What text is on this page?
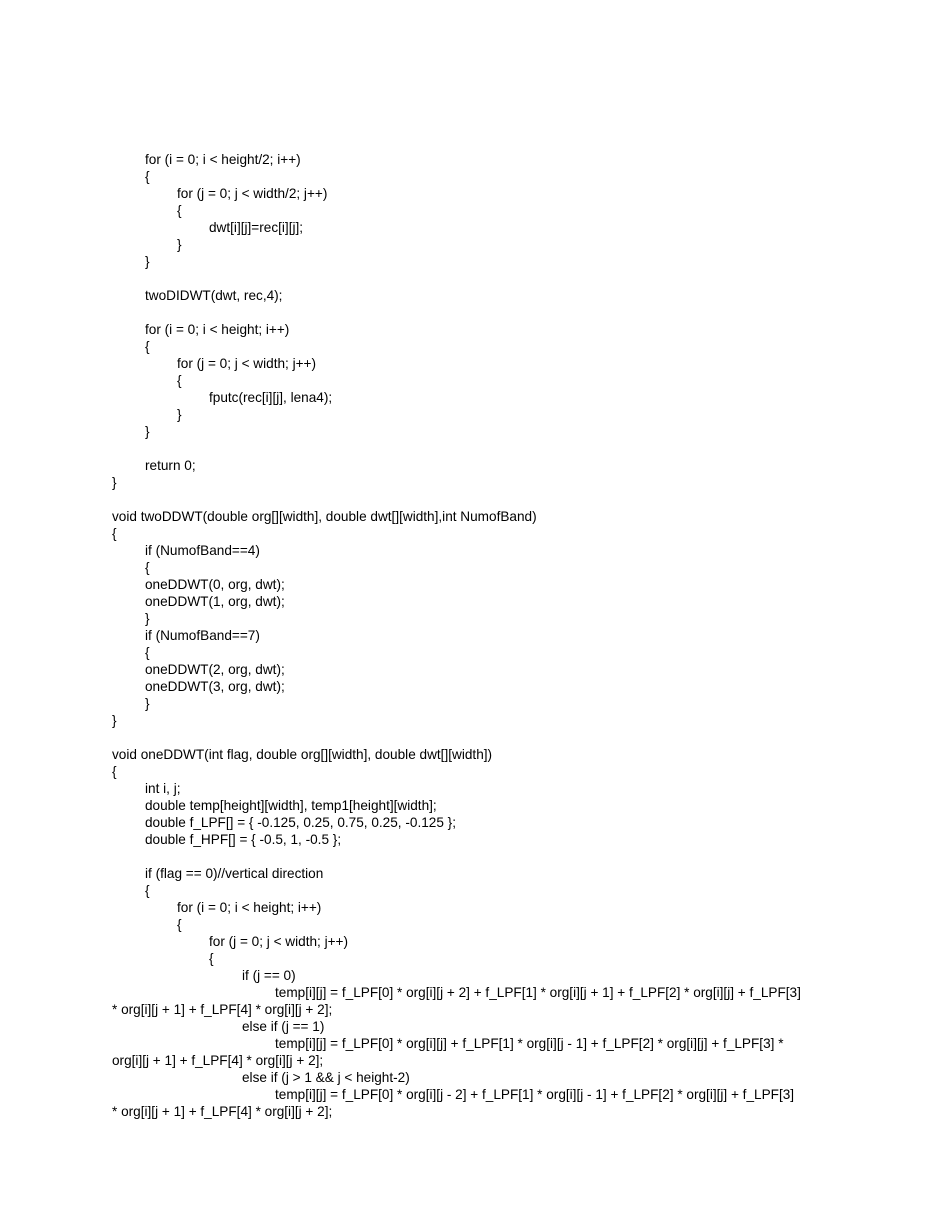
for (i = 0; i < height/2; i++)
{
for (j = 0; j < width/2; j++)
{
dwt[i][j]=rec[i][j];
}
}
twoDIDWT(dwt, rec,4);
for (i = 0; i < height; i++)
{
for (j = 0; j < width; j++)
{
fputc(rec[i][j], lena4);
}
}
return 0;
}
void twoDDWT(double org[][width], double dwt[][width],int NumofBand)
{
if (NumofBand==4)
{
oneDDWT(0, org, dwt);
oneDDWT(1, org, dwt);
}
if (NumofBand==7)
{
oneDDWT(2, org, dwt);
oneDDWT(3, org, dwt);
}
}
void oneDDWT(int flag, double org[][width], double dwt[][width])
{
int i, j;
double temp[height][width], temp1[height][width];
double f_LPF[] = { -0.125, 0.25, 0.75, 0.25, -0.125 };
double f_HPF[] = { -0.5, 1, -0.5 };
if (flag == 0)//vertical direction
{
for (i = 0; i < height; i++)
{
for (j = 0; j < width; j++)
{
if (j == 0)
temp[i][j] = f_LPF[0] * org[i][j + 2] + f_LPF[1] * org[i][j + 1] + f_LPF[2] * org[i][j] + f_LPF[3]
* org[i][j + 1] + f_LPF[4] * org[i][j + 2];
else if (j == 1)
temp[i][j] = f_LPF[0] * org[i][j] + f_LPF[1] * org[i][j - 1] + f_LPF[2] * org[i][j] + f_LPF[3] *
org[i][j + 1] + f_LPF[4] * org[i][j + 2];
else if (j > 1 && j < height-2)
temp[i][j] = f_LPF[0] * org[i][j - 2] + f_LPF[1] * org[i][j - 1] + f_LPF[2] * org[i][j] + f_LPF[3]
* org[i][j + 1] + f_LPF[4] * org[i][j + 2];
